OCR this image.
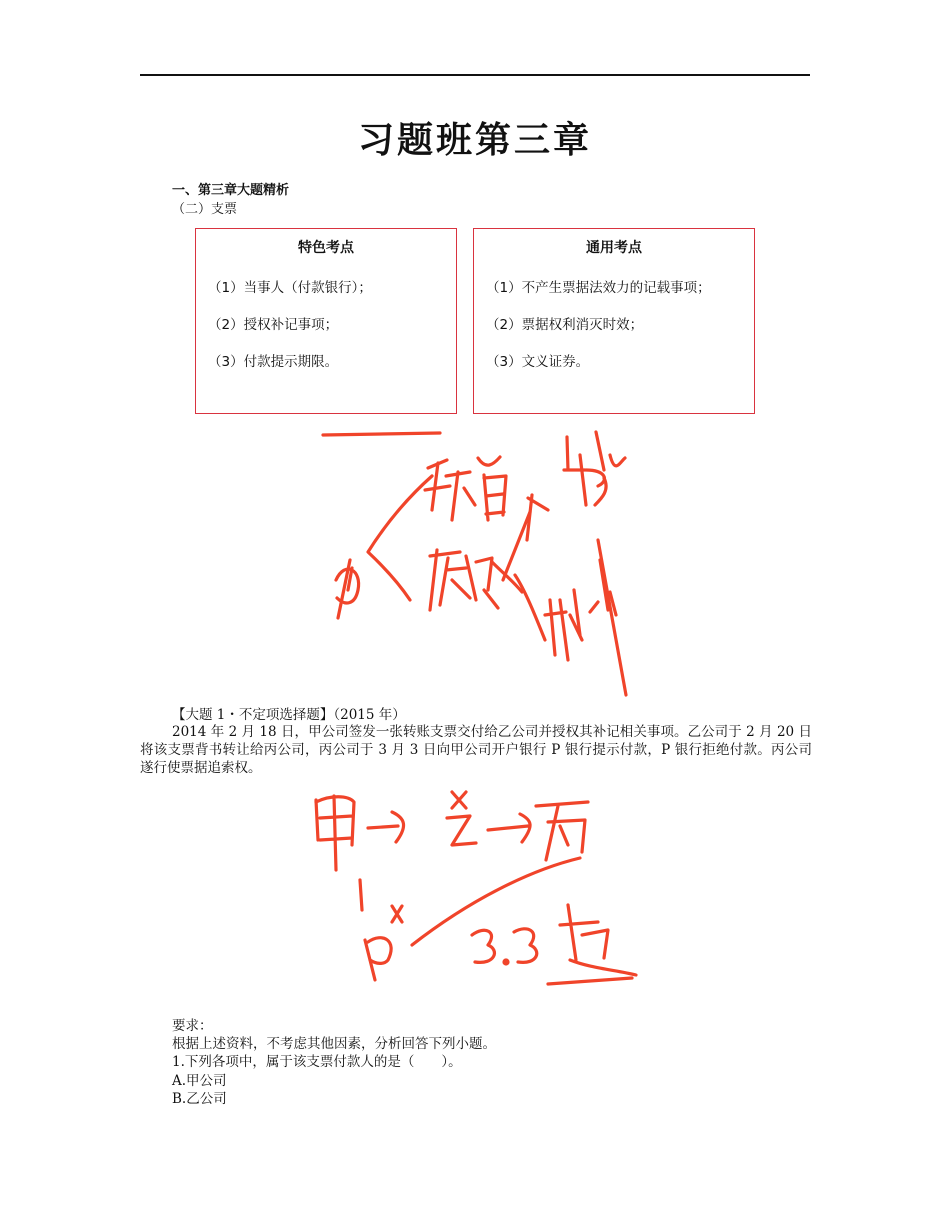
习题班第三章
一、第三章大题精析
（二）支票
特色考点
（1）当事人（付款银行）；
（2）授权补记事项；
（3）付款提示期限。
通用考点
（1）不产生票据法效力的记载事项；
（2）票据权利消灭时效；
（3）文义证券。
【大题 1・不定项选择题】（2015 年）
2014 年 2 月 18 日，甲公司签发一张转账支票交付给乙公司并授权其补记相关事项。乙公司于 2 月 20 日将该支票背书转让给丙公司，丙公司于 3 月 3 日向甲公司开户银行 P 银行提示付款，P 银行拒绝付款。丙公司遂行使票据追索权。
要求：
根据上述资料，不考虑其他因素，分析回答下列小题。
1.下列各项中，属于该支票付款人的是（　　）。
A.甲公司
B.乙公司
